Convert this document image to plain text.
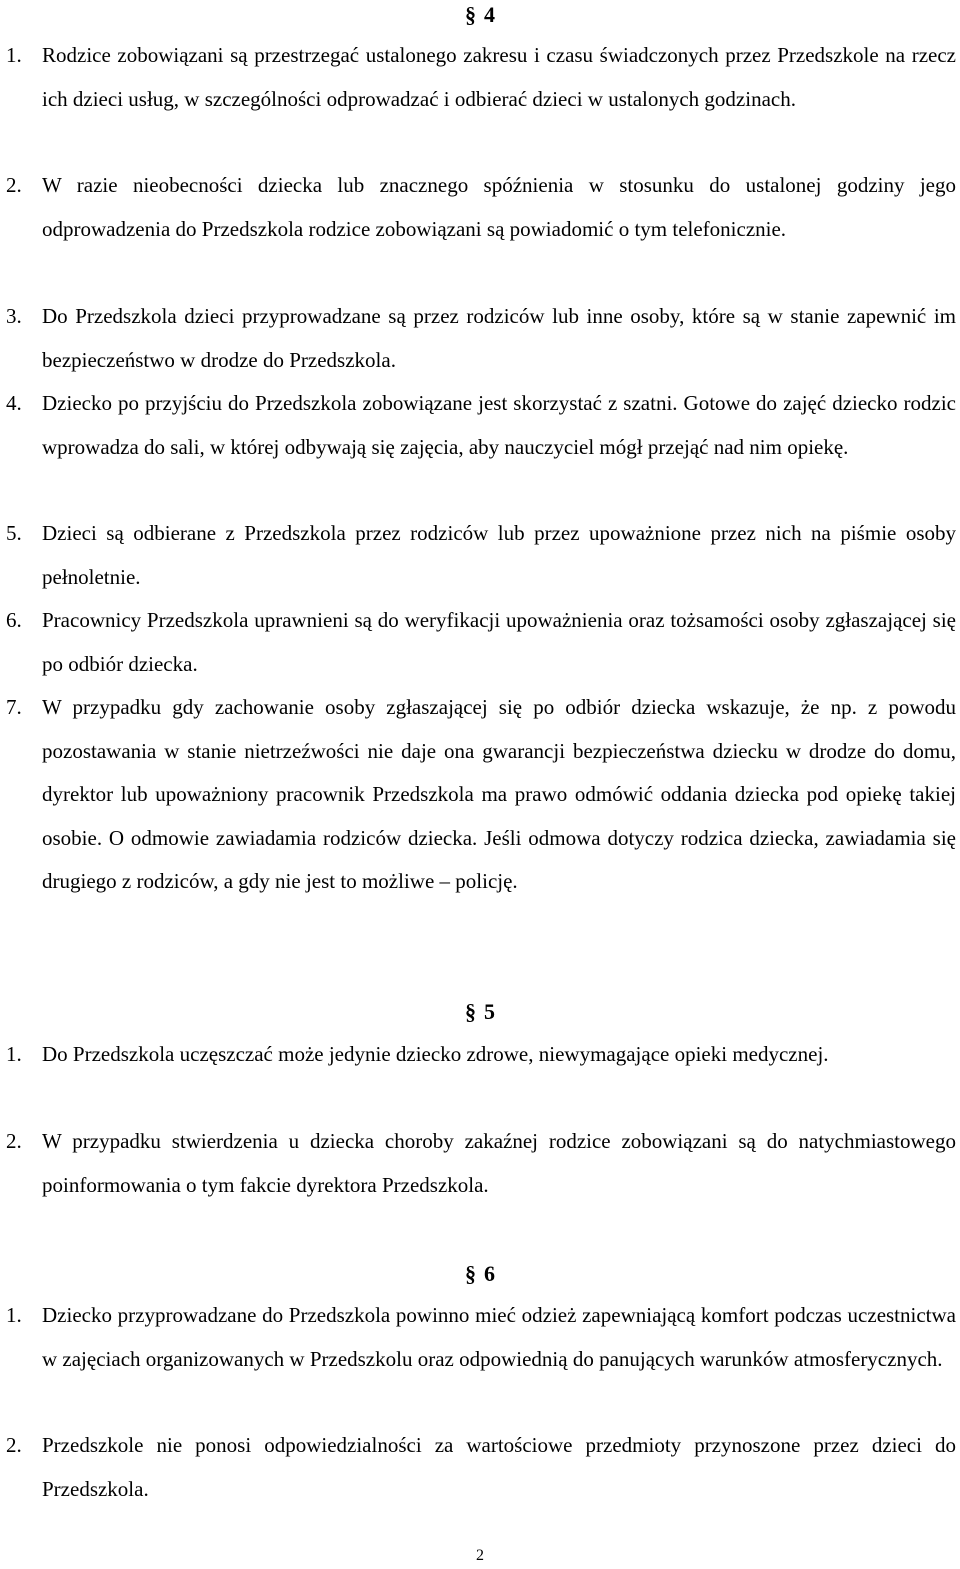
§ 4
1. Rodzice zobowiązani są przestrzegać ustalonego zakresu i czasu świadczonych przez Przedszkole na rzecz ich dzieci usług, w szczególności odprowadzać i odbierać dzieci w ustalonych godzinach.
2. W razie nieobecności dziecka lub znacznego spóźnienia w stosunku do ustalonej godziny jego odprowadzenia do Przedszkola rodzice zobowiązani są powiadomić o tym telefonicznie.
3. Do Przedszkola dzieci przyprowadzane są przez rodziców lub inne osoby, które są w stanie zapewnić im bezpieczeństwo w drodze do Przedszkola.
4. Dziecko po przyjściu do Przedszkola zobowiązane jest skorzystać z szatni. Gotowe do zajęć dziecko rodzic wprowadza do sali, w której odbywają się zajęcia, aby nauczyciel mógł przejąć nad nim opiekę.
5. Dzieci są odbierane z Przedszkola przez rodziców lub przez upoważnione przez nich na piśmie osoby pełnoletnie.
6. Pracownicy Przedszkola uprawnieni są do weryfikacji upoważnienia oraz tożsamości osoby zgłaszającej się po odbiór dziecka.
7. W przypadku gdy zachowanie osoby zgłaszającej się po odbiór dziecka wskazuje, że np. z powodu pozostawania w stanie nietrzeźwości nie daje ona gwarancji bezpieczeństwa dziecku w drodze do domu, dyrektor lub upoważniony pracownik Przedszkola ma prawo odmówić oddania dziecka pod opiekę takiej osobie. O odmowie zawiadamia rodziców dziecka. Jeśli odmowa dotyczy rodzica dziecka, zawiadamia się drugiego z rodziców, a gdy nie jest to możliwe – policję.
§ 5
1. Do Przedszkola uczęszczać może jedynie dziecko zdrowe, niewymagające opieki medycznej.
2. W przypadku stwierdzenia u dziecka choroby zakaźnej rodzice zobowiązani są do natychmiastowego poinformowania o tym fakcie dyrektora Przedszkola.
§ 6
1. Dziecko przyprowadzane do Przedszkola powinno mieć odzież zapewniającą komfort podczas uczestnictwa w zajęciach organizowanych w Przedszkolu oraz odpowiednią do panujących warunków atmosferycznych.
2. Przedszkole nie ponosi odpowiedzialności za wartościowe przedmioty przynoszone przez dzieci do Przedszkola.
2
